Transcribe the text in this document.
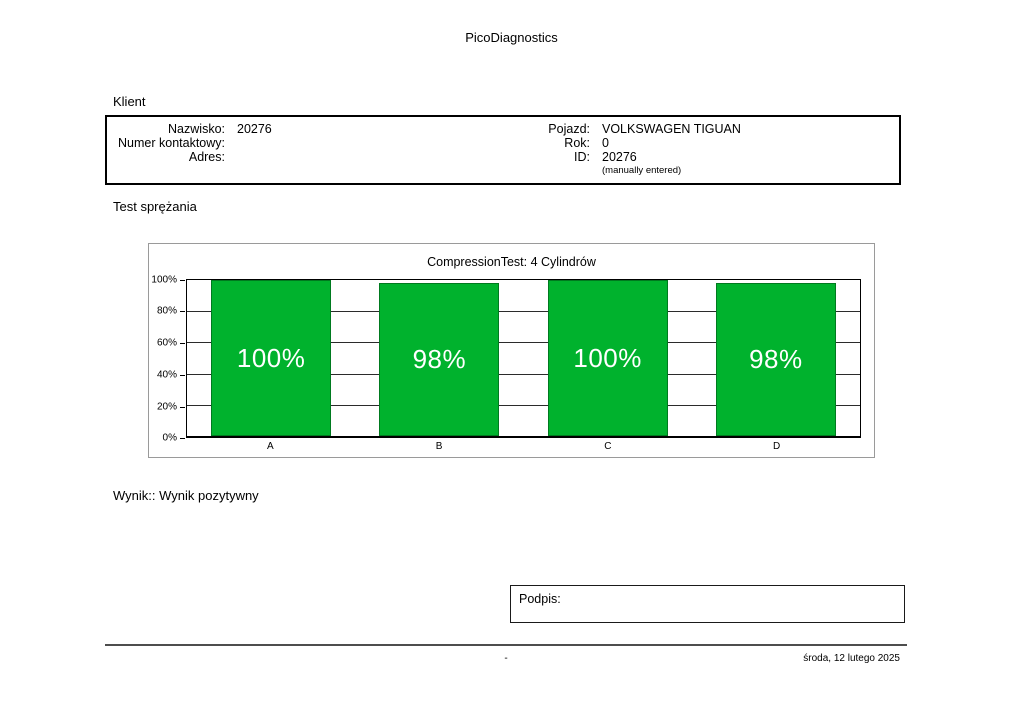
PicoDiagnostics
Klient
Nazwisko: 20276
Numer kontaktowy:
Adres:
Pojazd: VOLKSWAGEN TIGUAN
Rok: 0
ID: 20276
(manually entered)
Test sprężania
CompressionTest: 4 Cylindrów
100%
80%
60%
40%
20%
0%
100%	98%	100%	98%
A	B	C	D
Wynik:: Wynik pozytywny
Podpis:
-	środa, 12 lutego 2025
